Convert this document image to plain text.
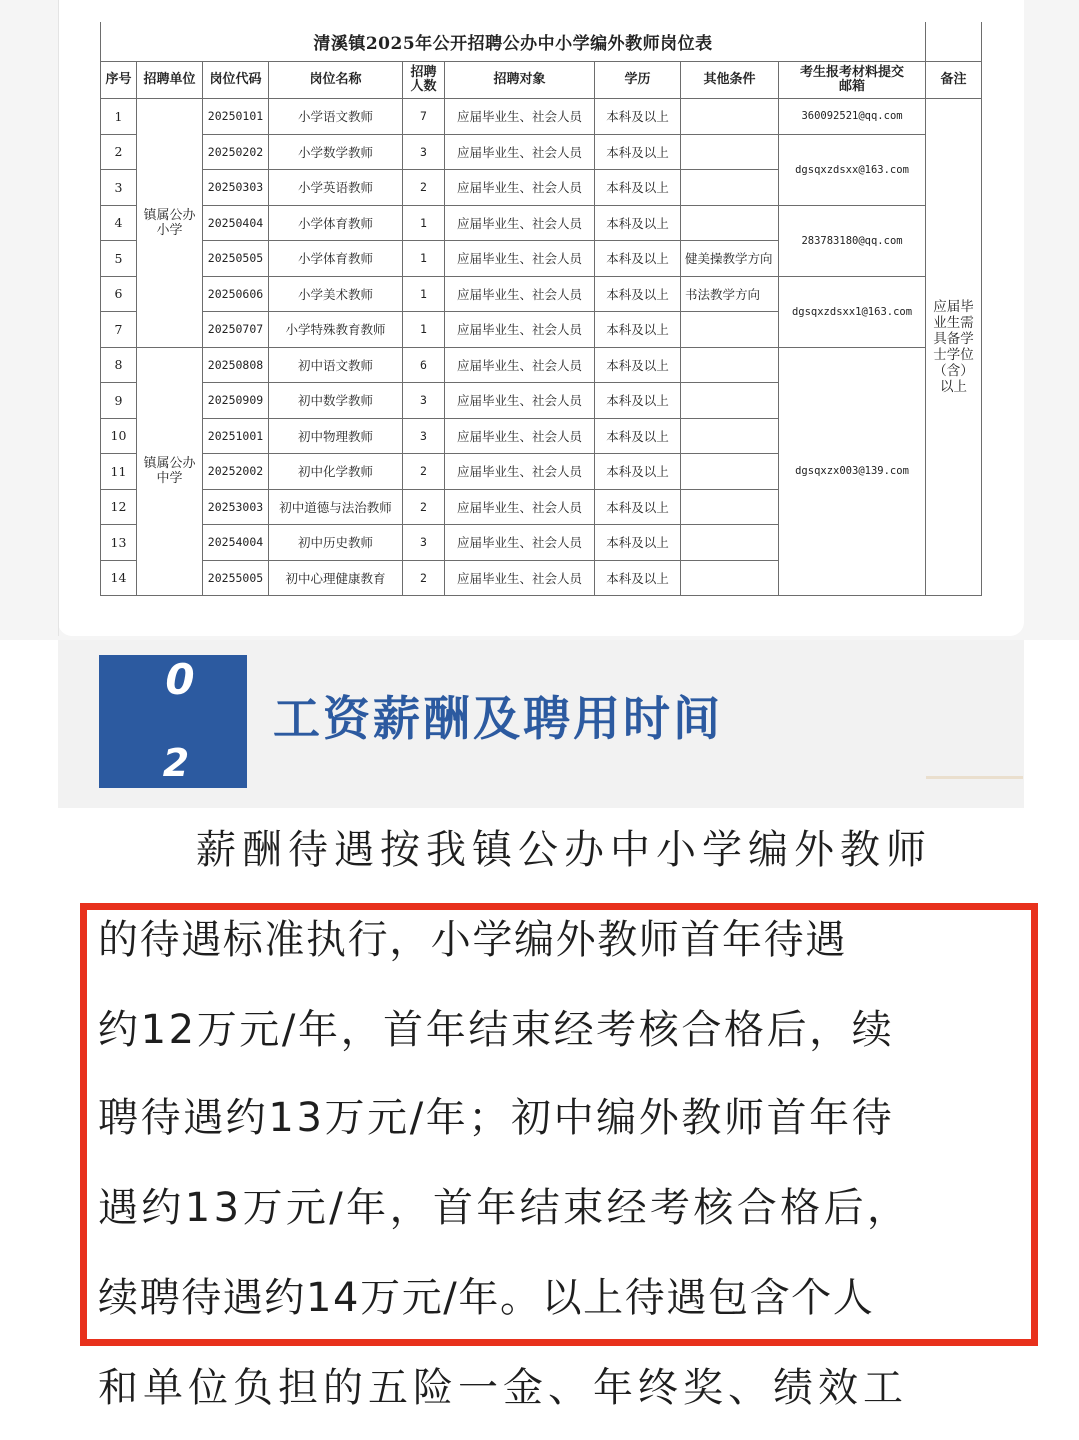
清溪镇2025年公开招聘公办中小学编外教师岗位表									
序号	招聘单位	岗位代码	岗位名称	招聘人数	招聘对象	学历	其他条件	考生报考材料提交邮箱	备注
1	镇属公办小学	20250101	小学语文教师	7	应届毕业生、社会人员	本科及以上		360092521@qq.com	应届毕业生需具备学士学位（含）以上
2		20250202	小学数学教师	3	应届毕业生、社会人员	本科及以上		dgsqxzdsxx@163.com	
3		20250303	小学英语教师	2	应届毕业生、社会人员	本科及以上			
4		20250404	小学体育教师	1	应届毕业生、社会人员	本科及以上		283783180@qq.com	
5		20250505	小学体育教师	1	应届毕业生、社会人员	本科及以上	健美操教学方向		
6		20250606	小学美术教师	1	应届毕业生、社会人员	本科及以上	书法教学方向	dgsqxzdsxx1@163.com	
7		20250707	小学特殊教育教师	1	应届毕业生、社会人员	本科及以上			
8	镇属公办中学	20250808	初中语文教师	6	应届毕业生、社会人员	本科及以上		dgsqxzx003@139.com	
9		20250909	初中数学教师	3	应届毕业生、社会人员	本科及以上			
10		20251001	初中物理教师	3	应届毕业生、社会人员	本科及以上			
11		20252002	初中化学教师	2	应届毕业生、社会人员	本科及以上			
12		20253003	初中道德与法治教师	2	应届毕业生、社会人员	本科及以上			
13		20254004	初中历史教师	3	应届毕业生、社会人员	本科及以上			
14		20255005	初中心理健康教育	2	应届毕业生、社会人员	本科及以上			
0
2
工资薪酬及聘用时间
薪酬待遇按我镇公办中小学编外教师
的待遇标准执行，小学编外教师首年待遇
约12万元/年，首年结束经考核合格后，续
聘待遇约13万元/年；初中编外教师首年待
遇约13万元/年，首年结束经考核合格后，
续聘待遇约14万元/年。以上待遇包含个人
和单位负担的五险一金、年终奖、绩效工
